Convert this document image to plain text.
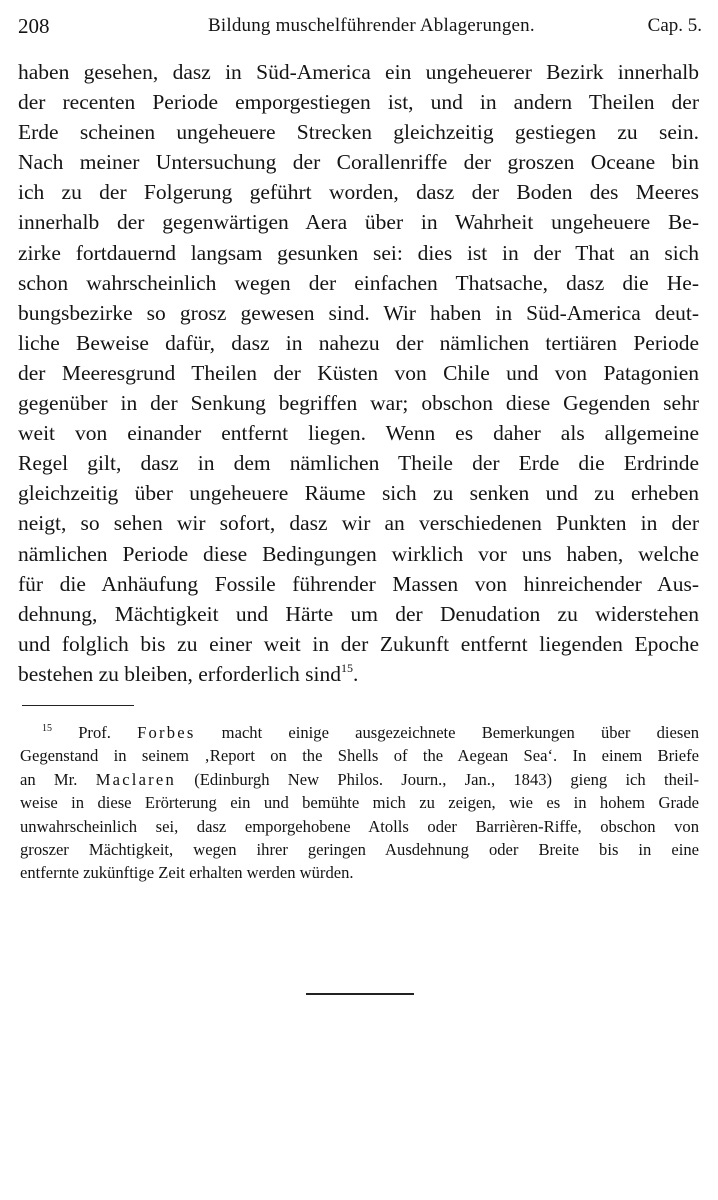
208	Bildung muschelführender Ablagerungen.	Cap. 5.
haben gesehen, dasz in Süd-America ein ungeheuerer Bezirk innerhalb
der recenten Periode emporgestiegen ist, und in andern Theilen der
Erde scheinen ungeheuere Strecken gleichzeitig gestiegen zu sein.
Nach meiner Untersuchung der Corallenriffe der groszen Oceane bin
ich zu der Folgerung geführt worden, dasz der Boden des Meeres
innerhalb der gegenwärtigen Aera über in Wahrheit ungeheuere Be-
zirke fortdauernd langsam gesunken sei: dies ist in der That an sich
schon wahrscheinlich wegen der einfachen Thatsache, dasz die He-
bungsbezirke so grosz gewesen sind. Wir haben in Süd-America deut-
liche Beweise dafür, dasz in nahezu der nämlichen tertiären Periode
der Meeresgrund Theilen der Küsten von Chile und von Patagonien
gegenüber in der Senkung begriffen war; obschon diese Gegenden sehr
weit von einander entfernt liegen. Wenn es daher als allgemeine
Regel gilt, dasz in dem nämlichen Theile der Erde die Erdrinde
gleichzeitig über ungeheuere Räume sich zu senken und zu erheben
neigt, so sehen wir sofort, dasz wir an verschiedenen Punkten in der
nämlichen Periode diese Bedingungen wirklich vor uns haben, welche
für die Anhäufung Fossile führender Massen von hinreichender Aus-
dehnung, Mächtigkeit und Härte um der Denudation zu widerstehen
und folglich bis zu einer weit in der Zukunft entfernt liegenden Epoche
bestehen zu bleiben, erforderlich sind$^{15}$.
$^{15}$ Prof. Forbes macht einige ausgezeichnete Bemerkungen über diesen
Gegenstand in seinem ‚Report on the Shells of the Aegean Sea‘. In einem Briefe
an Mr. Maclaren (Edinburgh New Philos. Journ., Jan., 1843) gieng ich theil-
weise in diese Erörterung ein und bemühte mich zu zeigen, wie es in hohem Grade
unwahrscheinlich sei, dasz emporgehobene Atolls oder Barrièren-Riffe, obschon von
groszer Mächtigkeit, wegen ihrer geringen Ausdehnung oder Breite bis in eine
entfernte zukünftige Zeit erhalten werden würden.
